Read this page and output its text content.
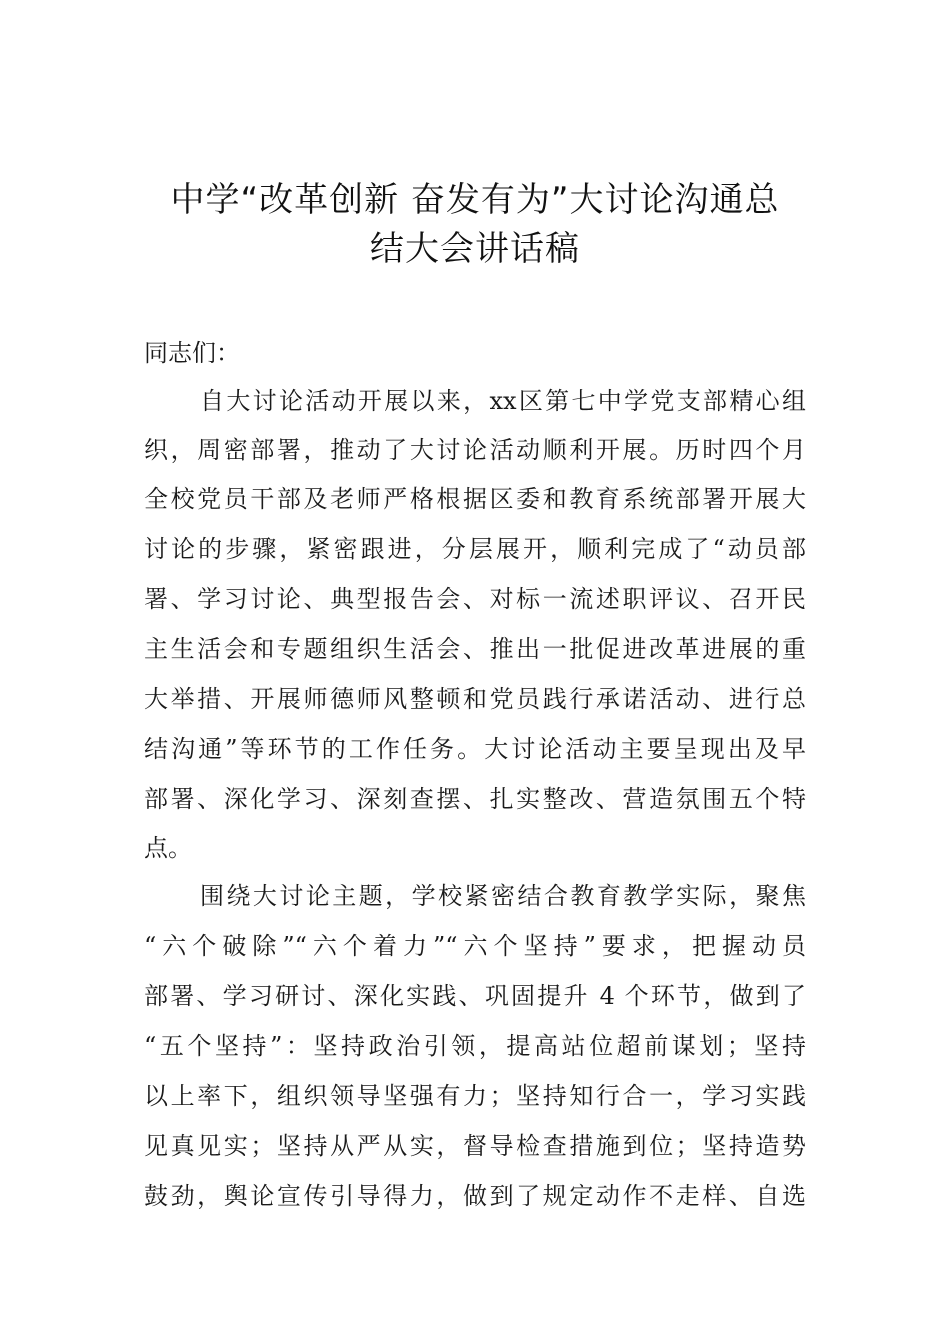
中学“改革创新 奋发有为”大讨论沟通总
结大会讲话稿
同志们：
自大讨论活动开展以来，xx区第七中学党支部精心组
织，周密部署，推动了大讨论活动顺利开展。历时四个月
全校党员干部及老师严格根据区委和教育系统部署开展大
讨论的步骤，紧密跟进，分层展开，顺利完成了“动员部
署、学习讨论、典型报告会、对标一流述职评议、召开民
主生活会和专题组织生活会、推出一批促进改革进展的重
大举措、开展师德师风整顿和党员践行承诺活动、进行总
结沟通”等环节的工作任务。大讨论活动主要呈现出及早
部署、深化学习、深刻查摆、扎实整改、营造氛围五个特
点。
围绕大讨论主题，学校紧密结合教育教学实际，聚焦
“六个破除”“六个着力”“六个坚持”要求，把握动员
部署、学习研讨、深化实践、巩固提升 4 个环节，做到了
“五个坚持”：坚持政治引领，提高站位超前谋划；坚持
以上率下，组织领导坚强有力；坚持知行合一，学习实践
见真见实；坚持从严从实，督导检查措施到位；坚持造势
鼓劲，舆论宣传引导得力，做到了规定动作不走样、自选
